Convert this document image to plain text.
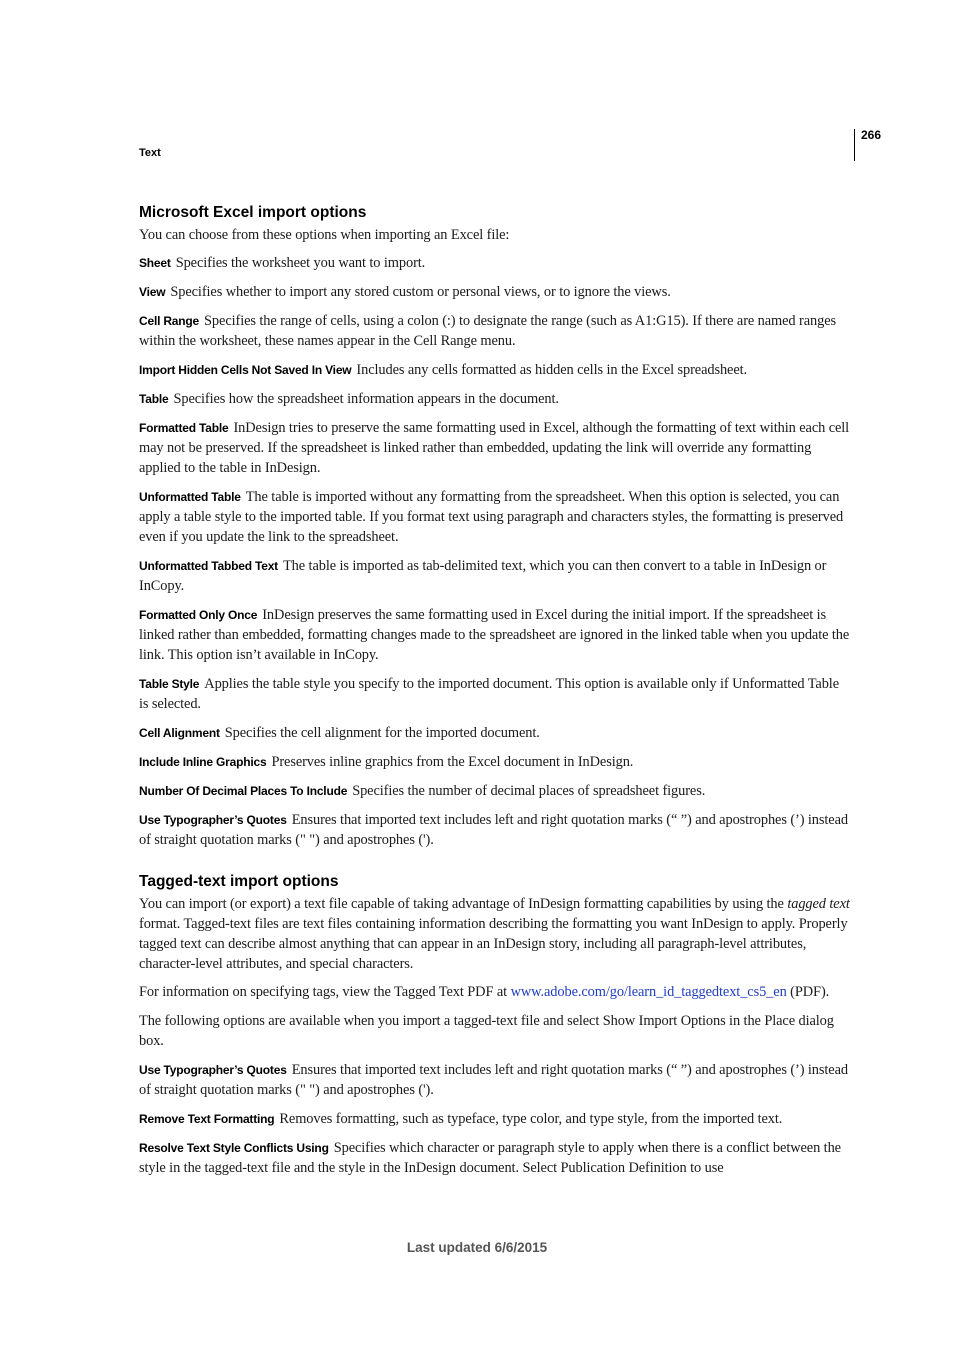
266
Text
Microsoft Excel import options

You can choose from these options when importing an Excel file:

Sheet Specifies the worksheet you want to import.

View Specifies whether to import any stored custom or personal views, or to ignore the views.

Cell Range Specifies the range of cells, using a colon (:) to designate the range (such as A1:G15). If there are named ranges within the worksheet, these names appear in the Cell Range menu.

Import Hidden Cells Not Saved In View Includes any cells formatted as hidden cells in the Excel spreadsheet.

Table Specifies how the spreadsheet information appears in the document.

Formatted Table InDesign tries to preserve the same formatting used in Excel, although the formatting of text within each cell may not be preserved. If the spreadsheet is linked rather than embedded, updating the link will override any formatting applied to the table in InDesign.

Unformatted Table The table is imported without any formatting from the spreadsheet. When this option is selected, you can apply a table style to the imported table. If you format text using paragraph and characters styles, the formatting is preserved even if you update the link to the spreadsheet.

Unformatted Tabbed Text The table is imported as tab-delimited text, which you can then convert to a table in InDesign or InCopy.

Formatted Only Once InDesign preserves the same formatting used in Excel during the initial import. If the spreadsheet is linked rather than embedded, formatting changes made to the spreadsheet are ignored in the linked table when you update the link. This option isn’t available in InCopy.

Table Style Applies the table style you specify to the imported document. This option is available only if Unformatted Table is selected.

Cell Alignment Specifies the cell alignment for the imported document.

Include Inline Graphics Preserves inline graphics from the Excel document in InDesign.

Number Of Decimal Places To Include Specifies the number of decimal places of spreadsheet figures.

Use Typographer’s Quotes Ensures that imported text includes left and right quotation marks (“ ”) and apostrophes (’) instead of straight quotation marks (" ") and apostrophes (').

Tagged-text import options

You can import (or export) a text file capable of taking advantage of InDesign formatting capabilities by using the tagged text format. Tagged-text files are text files containing information describing the formatting you want InDesign to apply. Properly tagged text can describe almost anything that can appear in an InDesign story, including all paragraph-level attributes, character-level attributes, and special characters.

For information on specifying tags, view the Tagged Text PDF at www.adobe.com/go/learn_id_taggedtext_cs5_en (PDF).

The following options are available when you import a tagged-text file and select Show Import Options in the Place dialog box.

Use Typographer’s Quotes Ensures that imported text includes left and right quotation marks (“ ”) and apostrophes (’) instead of straight quotation marks (" ") and apostrophes (').

Remove Text Formatting Removes formatting, such as typeface, type color, and type style, from the imported text.

Resolve Text Style Conflicts Using Specifies which character or paragraph style to apply when there is a conflict between the style in the tagged-text file and the style in the InDesign document. Select Publication Definition to use

Last updated 6/6/2015
